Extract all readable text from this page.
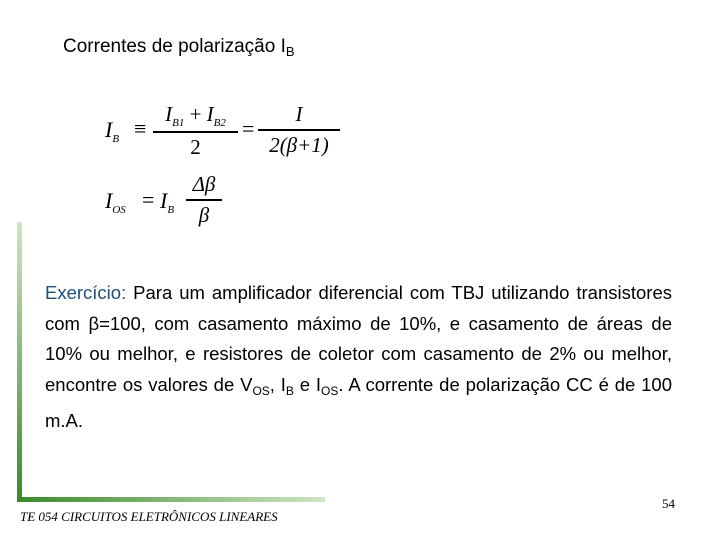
Correntes de polarização $I_B$
$I_B$ ≡
$I_{B1} + I_{B2}$
2
=
I
2(β+1)
$I_{OS} = I_B$
Δβ
β
Exercício: Para um amplificador diferencial com TBJ utilizando transistores com β=100, com casamento máximo de 10%, e casamento de áreas de 10% ou melhor, e resistores de coletor com casamento de 2% ou melhor, encontre os valores de $V_{OS}$, $I_B$ e $I_{OS}$. A corrente de polarização CC é de 100 m.A.
TE 054 CIRCUITOS ELETRÔNICOS LINEARES
54
